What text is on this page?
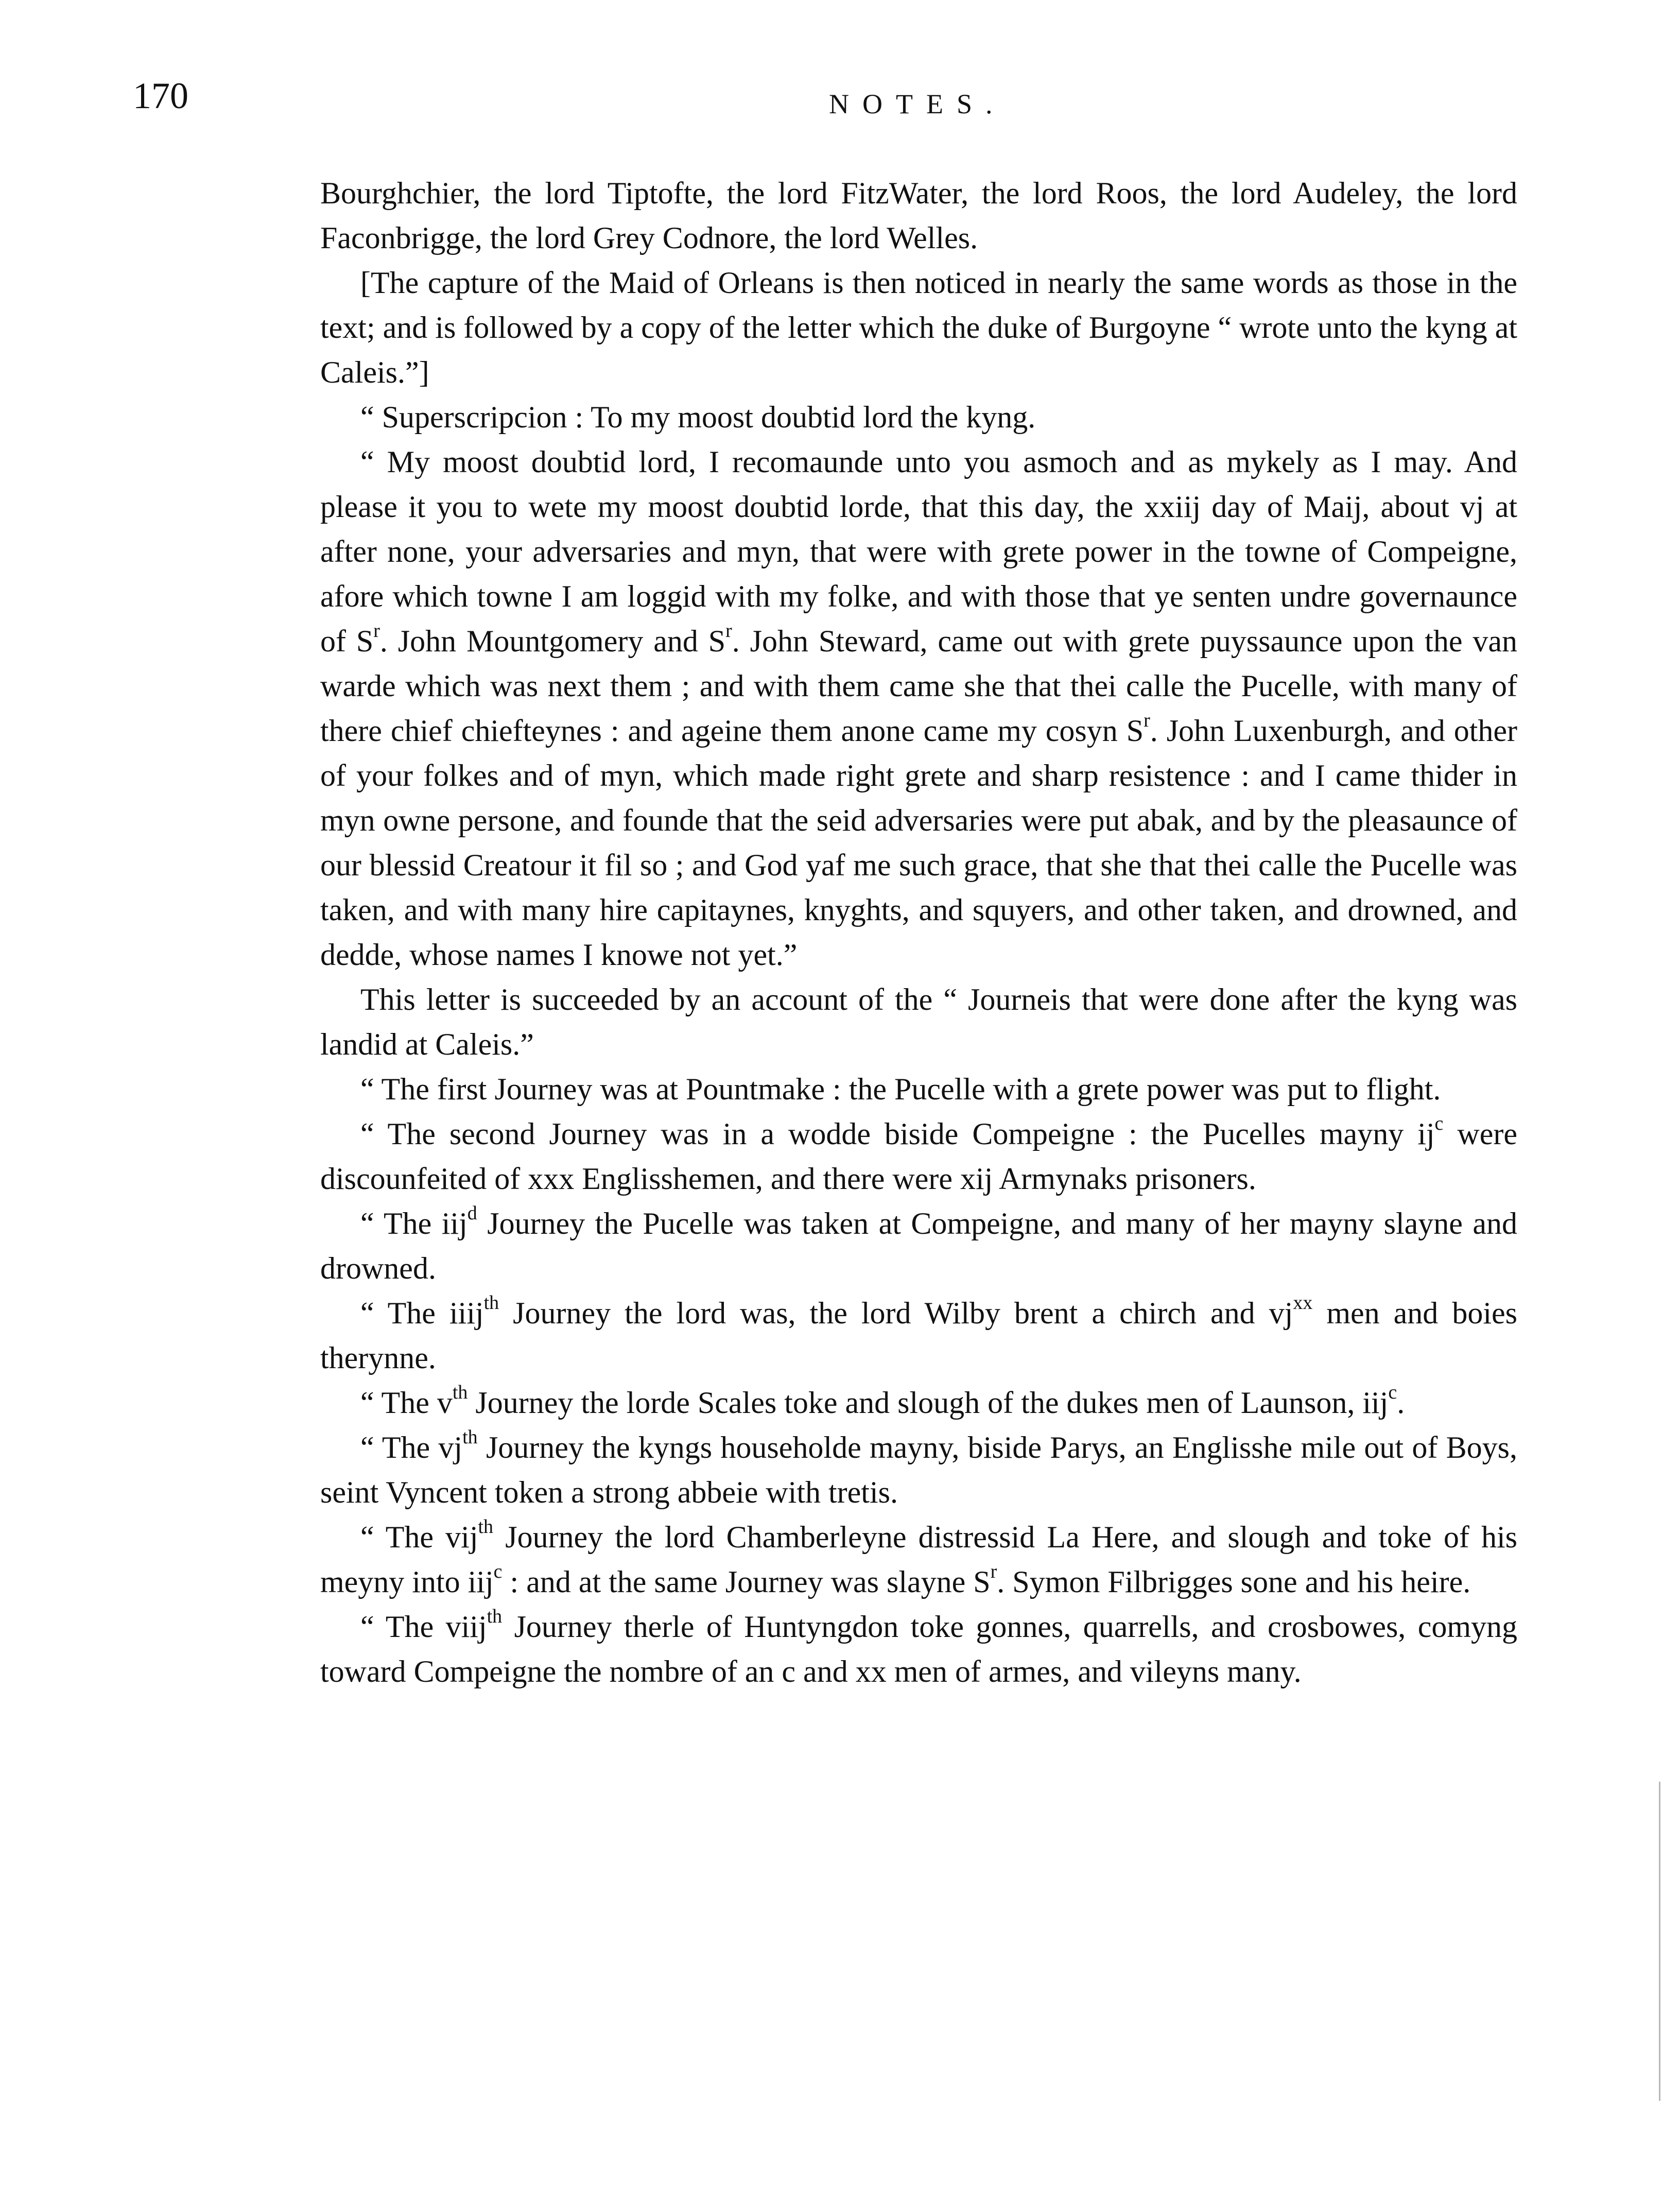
170	NOTES.

Bourghchier, the lord Tiptofte, the lord FitzWater, the lord Roos, the lord Audeley, the lord Faconbrigge, the lord Grey Codnore, the lord Welles.

[The capture of the Maid of Orleans is then noticed in nearly the same words as those in the text; and is followed by a copy of the letter which the duke of Burgoyne “ wrote unto the kyng at Caleis.”]

“ Superscripcion : To my moost doubtid lord the kyng.

“ My moost doubtid lord, I recomaunde unto you asmoch and as mykely as I may. And please it you to wete my moost doubtid lorde, that this day, the xxiij day of Maij, about vj at after none, your adversaries and myn, that were with grete power in the towne of Compeigne, afore which towne I am loggid with my folke, and with those that ye senten undre governaunce of $S^r$. John Mountgomery and $S^r$. John Steward, came out with grete puyssaunce upon the van warde which was next them ; and with them came she that thei calle the Pucelle, with many of there chief chiefteynes : and ageine them anone came my cosyn $S^r$. John Luxenburgh, and other of your folkes and of myn, which made right grete and sharp resistence : and I came thider in myn owne persone, and founde that the seid adversaries were put abak, and by the pleasaunce of our blessid Creatour it fil so ; and God yaf me such grace, that she that thei calle the Pucelle was taken, and with many hire capitaynes, knyghts, and squyers, and other taken, and drowned, and dedde, whose names I knowe not yet.”

This letter is succeeded by an account of the “ Journeis that were done after the kyng was landid at Caleis.”

“ The first Journey was at Pountmake : the Pucelle with a grete power was put to flight.

“ The second Journey was in a wodde biside Compeigne : the Pucelles mayny $ij^c$ were discounfeited of xxx Englisshemen, and there were xij Armynaks prisoners.

“ The iij$^d$ Journey the Pucelle was taken at Compeigne, and many of her mayny slayne and drowned.

“ The iiij$^{th}$ Journey the lord was, the lord Wilby brent a chirch and $vj^{xx}$ men and boies therynne.

“ The $v^{th}$ Journey the lorde Scales toke and slough of the dukes men of Launson, iij$^c$.

“ The $vj^{th}$ Journey the kyngs householde mayny, biside Parys, an Englisshe mile out of Boys, seint Vyncent token a strong abbeie with tretis.

“ The vij$^{th}$ Journey the lord Chamberleyne distressid La Here, and slough and toke of his meyny into iij$^c$ : and at the same Journey was slayne $S^r$. Symon Filbrigges sone and his heire.

“ The viij$^{th}$ Journey therle of Huntyngdon toke gonnes, quarrells, and crosbowes, comyng toward Compeigne the nombre of an c and xx men of armes, and vileyns many.
